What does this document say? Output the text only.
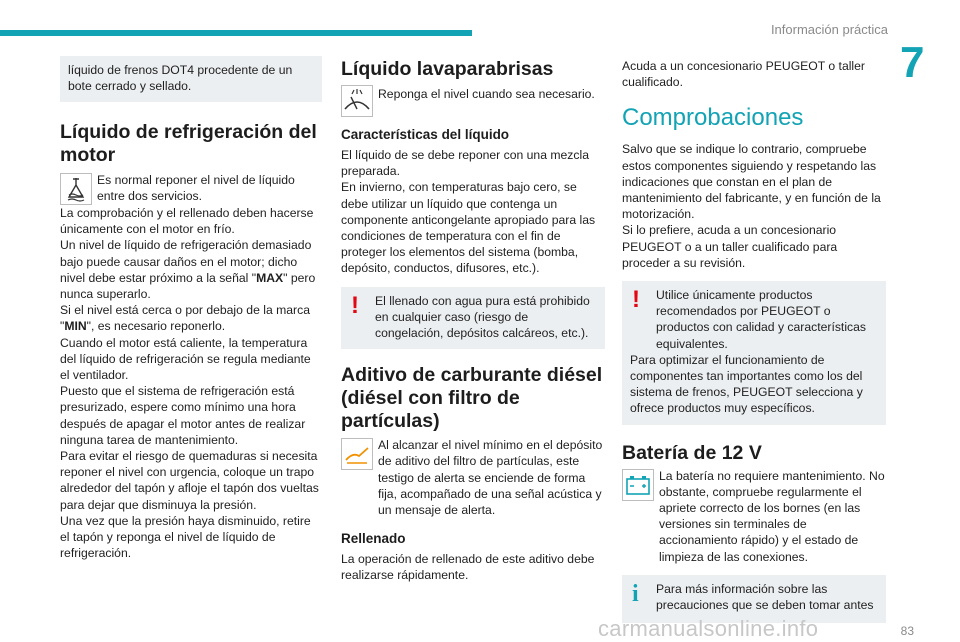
Información práctica
7

líquido de frenos DOT4 procedente de un bote cerrado y sellado.

Líquido de refrigeración del motor

Es normal reponer el nivel de líquido entre dos servicios.

La comprobación y el rellenado deben hacerse únicamente con el motor en frío.

Un nivel de líquido de refrigeración demasiado bajo puede causar daños en el motor; dicho nivel debe estar próximo a la señal "MAX" pero nunca superarlo.

Si el nivel está cerca o por debajo de la marca "MIN", es necesario reponerlo.

Cuando el motor está caliente, la temperatura del líquido de refrigeración se regula mediante el ventilador.

Puesto que el sistema de refrigeración está presurizado, espere como mínimo una hora después de apagar el motor antes de realizar ninguna tarea de mantenimiento.

Para evitar el riesgo de quemaduras si necesita reponer el nivel con urgencia, coloque un trapo alrededor del tapón y afloje el tapón dos vueltas para dejar que disminuya la presión.

Una vez que la presión haya disminuido, retire el tapón y reponga el nivel de líquido de refrigeración.

Líquido lavaparabrisas

Reponga el nivel cuando sea necesario.

Características del líquido

El líquido de se debe reponer con una mezcla preparada.

En invierno, con temperaturas bajo cero, se debe utilizar un líquido que contenga un componente anticongelante apropiado para las condiciones de temperatura con el fin de proteger los elementos del sistema (bomba, depósito, conductos, difusores, etc.).

!	El llenado con agua pura está prohibido en cualquier caso (riesgo de congelación, depósitos calcáreos, etc.).

Aditivo de carburante diésel (diésel con filtro de partículas)

Al alcanzar el nivel mínimo en el depósito de aditivo del filtro de partículas, este testigo de alerta se enciende de forma fija, acompañado de una señal acústica y un mensaje de alerta.

Rellenado

La operación de rellenado de este aditivo debe realizarse rápidamente.

Acuda a un concesionario PEUGEOT o taller cualificado.

Comprobaciones

Salvo que se indique lo contrario, compruebe estos componentes siguiendo y respetando las indicaciones que constan en el plan de mantenimiento del fabricante, y en función de la motorización.

Si lo prefiere, acuda a un concesionario PEUGEOT o a un taller cualificado para proceder a su revisión.

!	Utilice únicamente productos recomendados por PEUGEOT o productos con calidad y características equivalentes.

Para optimizar el funcionamiento de componentes tan importantes como los del sistema de frenos, PEUGEOT selecciona y ofrece productos muy específicos.

Batería de 12 V

La batería no requiere mantenimiento. No obstante, compruebe regularmente el apriete correcto de los bornes (en las versiones sin terminales de accionamiento rápido) y el estado de limpieza de las conexiones.

i	Para más información sobre las precauciones que se deben tomar antes

83
carmanualsonline.info
